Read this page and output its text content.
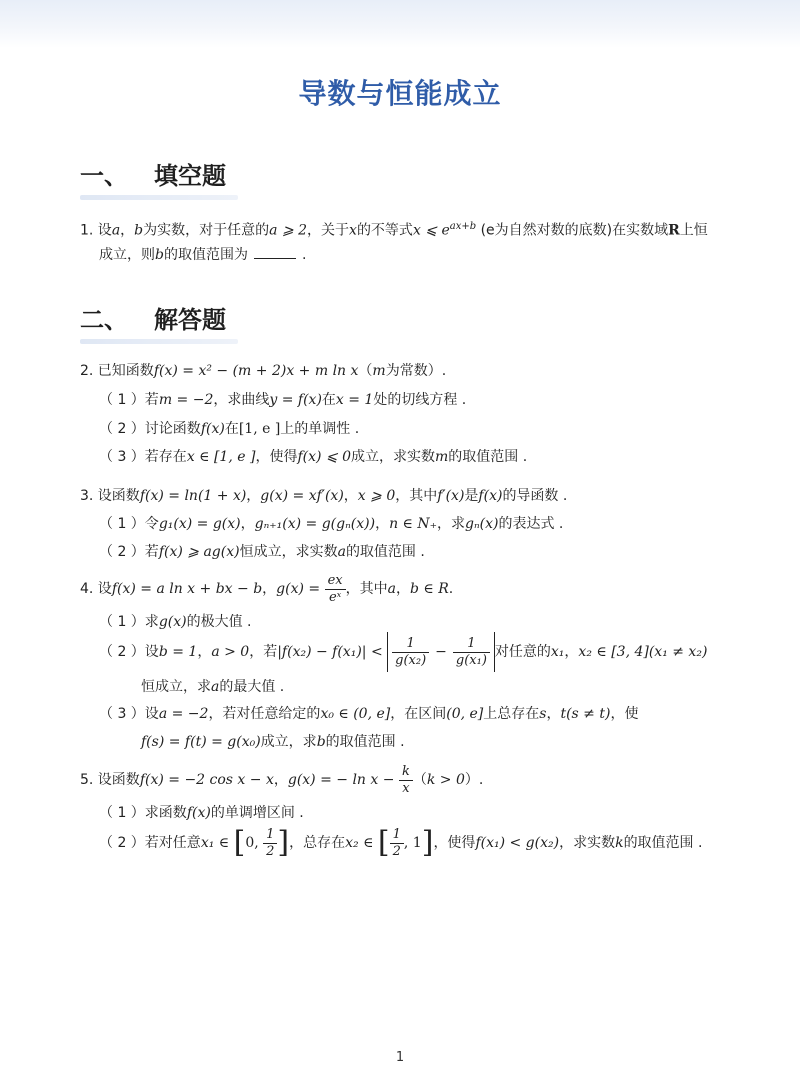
导数与恒能成立
一、 填空题
1. 设a，b为实数，对于任意的a ⩾ 2，关于x的不等式x ⩽ $e^{ax+b}$ (e为自然对数的底数)在实数域R上恒
成立，则b的取值范围为	.
二、 解答题
2. 已知函数f(x) = x² − (m + 2)x + m ln x（m为常数）.
（ 1 ）若m = −2，求曲线y = f(x)在x = 1处的切线方程 .
（ 2 ）讨论函数f(x)在[1, e ]上的单调性 .
（ 3 ）若存在x ∈ [1, e ]，使得f(x) ⩽ 0成立，求实数m的取值范围 .
3. 设函数f(x) = ln(1 + x)，g(x) = xf′(x)，x ⩾ 0，其中f′(x)是f(x)的导函数 .
（ 1 ）令g₁(x) = g(x)，gₙ₊₁(x) = g(gₙ(x))，n ∈ N₊，求gₙ(x)的表达式 .
（ 2 ）若f(x) ⩾ ag(x)恒成立，求实数a的取值范围 .
4. 设f(x) = a ln x + bx − b，$g(x) = \frac{ex}{\text{eˣ}}$ ，其中a，b ∈ R.
（ 1 ）求g(x)的极大值 .
（ 2 ）设b = 1，a > 0，若$|f(x_2) - f(x_1)| < \frac{1}{\text{g(x₂)}} - \frac{1}{\text{g(x₁)}}$ 对任意的x₁，x₂ ∈ [3, 4](x₁ ≠ x₂)
恒成立，求a的最大值 .
（ 3 ）设a = −2，若对任意给定的x₀ ∈ (0, e]，在区间(0, e]上总存在s，t(s ≠ t)，使
f(s) = f(t) = g(x₀)成立，求b的取值范围 .
5. 设函数f(x) = −2 cos x − x，g(x) = − $\ln x - \frac{k}{x} (k > 0)$.
（ 1 ）求函数f(x)的单调增区间 .
（ 2 ）若对任意x₁ ∈ [0, $\frac{1}{2}$ ]，总存在x₂ ∈ [ $\frac{1}{2}$ , 1]，使得f(x₁) < g(x₂)，求实数k的取值范围 .
1
